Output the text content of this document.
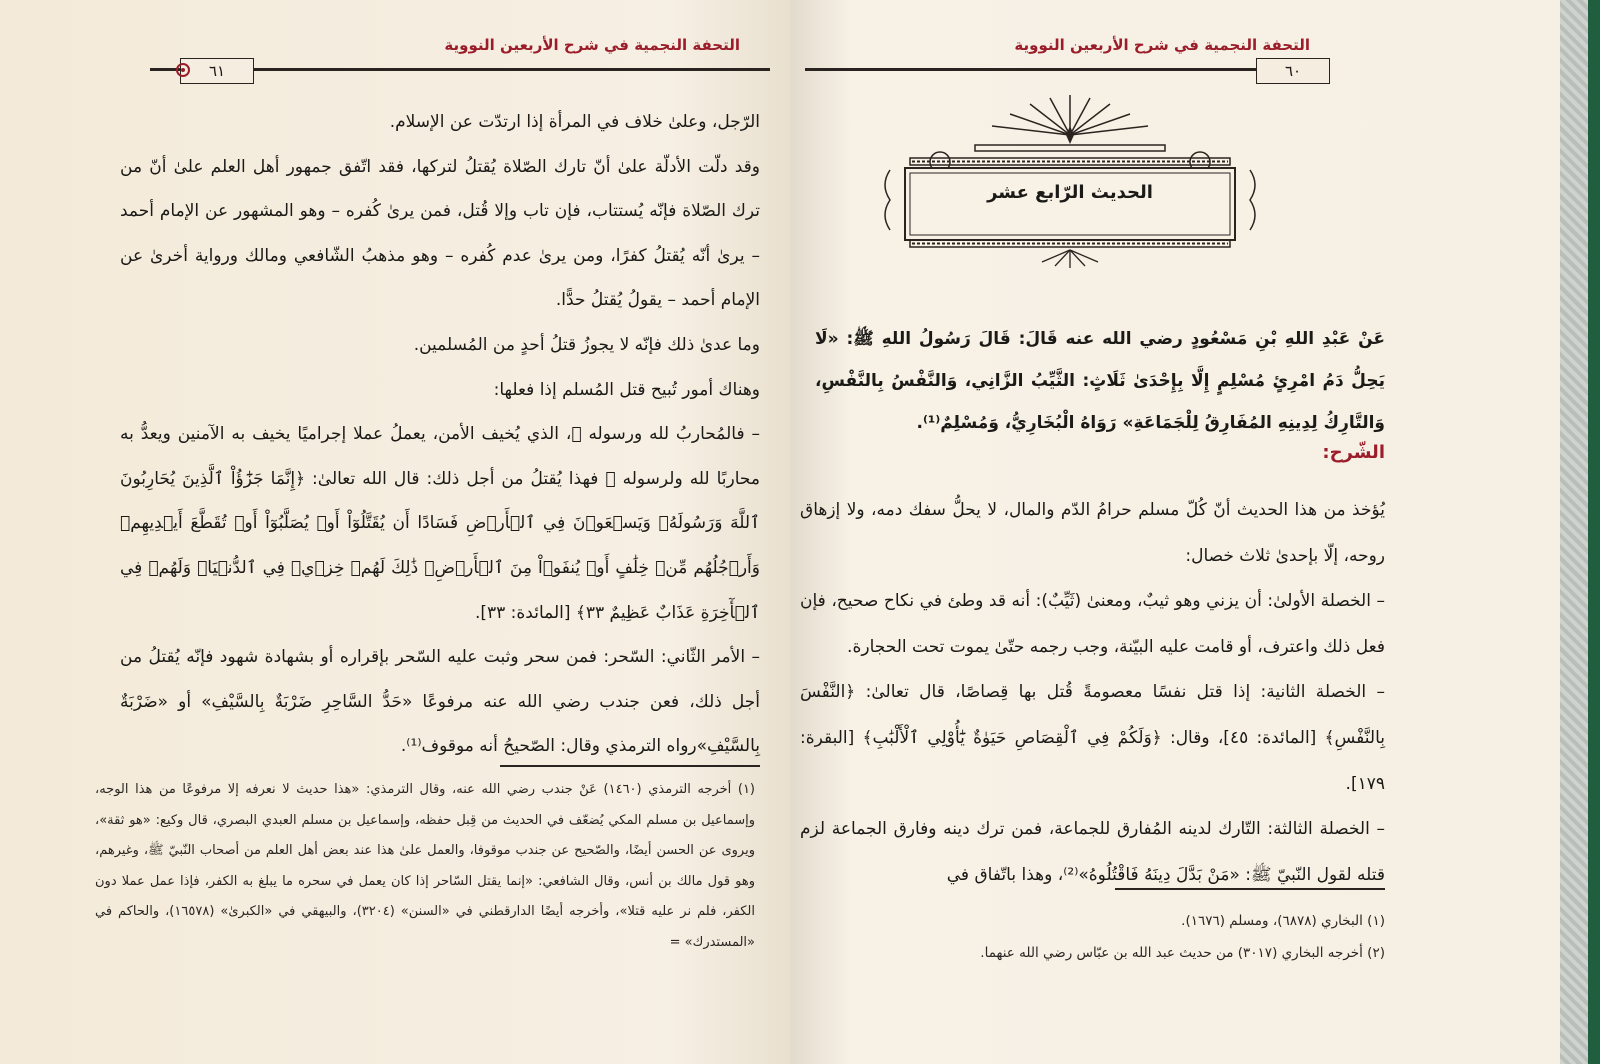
التحفة النجمية في شرح الأربعين النووية
٦١

الرّجل، وعلىٰ خلاف في المرأة إذا ارتدّت عن الإسلام.

وقد دلّت الأدلّة علىٰ أنّ تارك الصّلاة يُقتلُ لتركها، فقد اتّفق جمهور أهل العلم علىٰ أنّ من ترك الصّلاة فإنّه يُستتاب، فإن تاب وإلا قُتل، فمن يرىٰ كُفره – وهو المشهور عن الإمام أحمد – يرىٰ أنّه يُقتلُ كفرًا، ومن يرىٰ عدم كُفره – وهو مذهبُ الشّافعي ومالك ورواية أخرىٰ عن الإمام أحمد – يقولُ يُقتلُ حدًّا.

وما عدىٰ ذلك فإنّه لا يجوزُ قتلُ أحدٍ من المُسلمين.

وهناك أمور تُبيح قتل المُسلم إذا فعلها:

– فالمُحاربُ لله ورسوله ﷺ، الذي يُخيف الأمن، يعملُ عملا إجراميًا يخيف به الآمنين ويعدُّ به محاربًا لله ولرسوله ﷺ فهذا يُقتلُ من أجل ذلك: قال الله تعالىٰ: ﴿إِنَّمَا جَزَٰٓؤُاْ ٱلَّذِينَ يُحَارِبُونَ ٱللَّهَ وَرَسُولَهُۥ وَيَسۡعَوۡنَ فِي ٱلۡأَرۡضِ فَسَادًا أَن يُقَتَّلُوٓاْ أَوۡ يُصَلَّبُوٓاْ أَوۡ تُقَطَّعَ أَيۡدِيهِمۡ وَأَرۡجُلُهُم مِّنۡ خِلَٰفٍ أَوۡ يُنفَوۡاْ مِنَ ٱلۡأَرۡضِۚ ذَٰلِكَ لَهُمۡ خِزۡيٞ فِي ٱلدُّنۡيَاۖ وَلَهُمۡ فِي ٱلۡأٓخِرَةِ عَذَابٌ عَظِيمٌ ٣٣﴾ [المائدة: ٣٣].

– الأمر الثّاني: السّحر: فمن سحر وثبت عليه السّحر بإقراره أو بشهادة شهود فإنّه يُقتلُ من أجل ذلك، فعن جندب رضي الله عنه مرفوعًا «حَدُّ السَّاحِرِ ضَرْبَةٌ بِالسَّيْفِ» أو «ضَرْبَةٌ بِالسَّيْفِ»رواه الترمذي وقال: الصّحيحُ أنه موقوف⁽¹⁾.

(١) أخرجه الترمذي (١٤٦٠) عَنْ جندب رضي الله عنه، وقال الترمذي: «هذا حديث لا نعرفه إلا مرفوعًا من هذا الوجه، وإسماعيل بن مسلم المكي يُضعّف في الحديث من قِبل حفظه، وإسماعيل بن مسلم العبدي البصري، قال وكيع: «هو ثقة»، ويروى عن الحسن أيضًا، والصّحيح عن جندب موقوفا، والعمل علىٰ هذا عند بعض أهل العلم من أصحاب النّبيّ ﷺ، وغيرهم، وهو قول مالك بن أنس، وقال الشافعي: «إنما يقتل السّاحر إذا كان يعمل في سحره ما يبلغ به الكفر، فإذا عمل عملا دون الكفر، فلم نر عليه قتلا»، وأخرجه أيضًا الدارقطني في «السنن» (٣٢٠٤)، والبيهقي في «الكبرىٰ» (١٦٥٧٨)، والحاكم في «المستدرك» =

التحفة النجمية في شرح الأربعين النووية
٦٠
الحديث الرّابع عشر

عَنْ عَبْدِ اللهِ بْنِ مَسْعُودٍ رضي الله عنه قَالَ: قَالَ رَسُولُ اللهِ ﷺ: «لَا يَحِلُّ دَمُ امْرِئٍ مُسْلِمٍ إِلَّا بِإِحْدَىٰ ثَلَاثٍ: الثَّيِّبُ الزَّانِي، وَالنَّفْسُ بِالنَّفْسِ، وَالتَّارِكُ لِدِينِهِ المُفَارِقُ لِلْجَمَاعَةِ» رَوَاهُ الْبُخَارِيُّ، وَمُسْلِمٌ⁽¹⁾.

الشّرح:

يُؤخذ من هذا الحديث أنّ كُلّ مسلم حرامُ الدّم والمال، لا يحلُّ سفك دمه، ولا إزهاق روحه، إلّا بإحدىٰ ثلاث خصال:

– الخصلة الأولىٰ: أن يزني وهو ثيبٌ، ومعنىٰ (ثَيِّبٌ): أنه قد وطئ في نكاح صحيح، فإن فعل ذلك واعترف، أو قامت عليه البيّنة، وجب رجمه حتّىٰ يموت تحت الحجارة.

– الخصلة الثانية: إذا قتل نفسًا معصومةً قُتل بها قِصاصًا، قال تعالىٰ: ﴿النَّفْسَ بِالنَّفْسِ﴾ [المائدة: ٤٥]، وقال: ﴿وَلَكُمْ فِي ٱلْقِصَاصِ حَيَوٰةٌ يَٰٓأُوْلِي ٱلْأَلْبَٰبِ﴾ [البقرة: ١٧٩].

– الخصلة الثالثة: التّارك لدينه المُفارق للجماعة، فمن ترك دينه وفارق الجماعة لزم قتله لقول النّبيّ ﷺ: «مَنْ بَدَّلَ دِينَهُ فَاقْتُلُوهُ»⁽²⁾، وهذا باتّفاق في

(١) البخاري (٦٨٧٨)، ومسلم (١٦٧٦).

(٢) أخرجه البخاري (٣٠١٧) من حديث عبد الله بن عبّاس رضي الله عنهما.
